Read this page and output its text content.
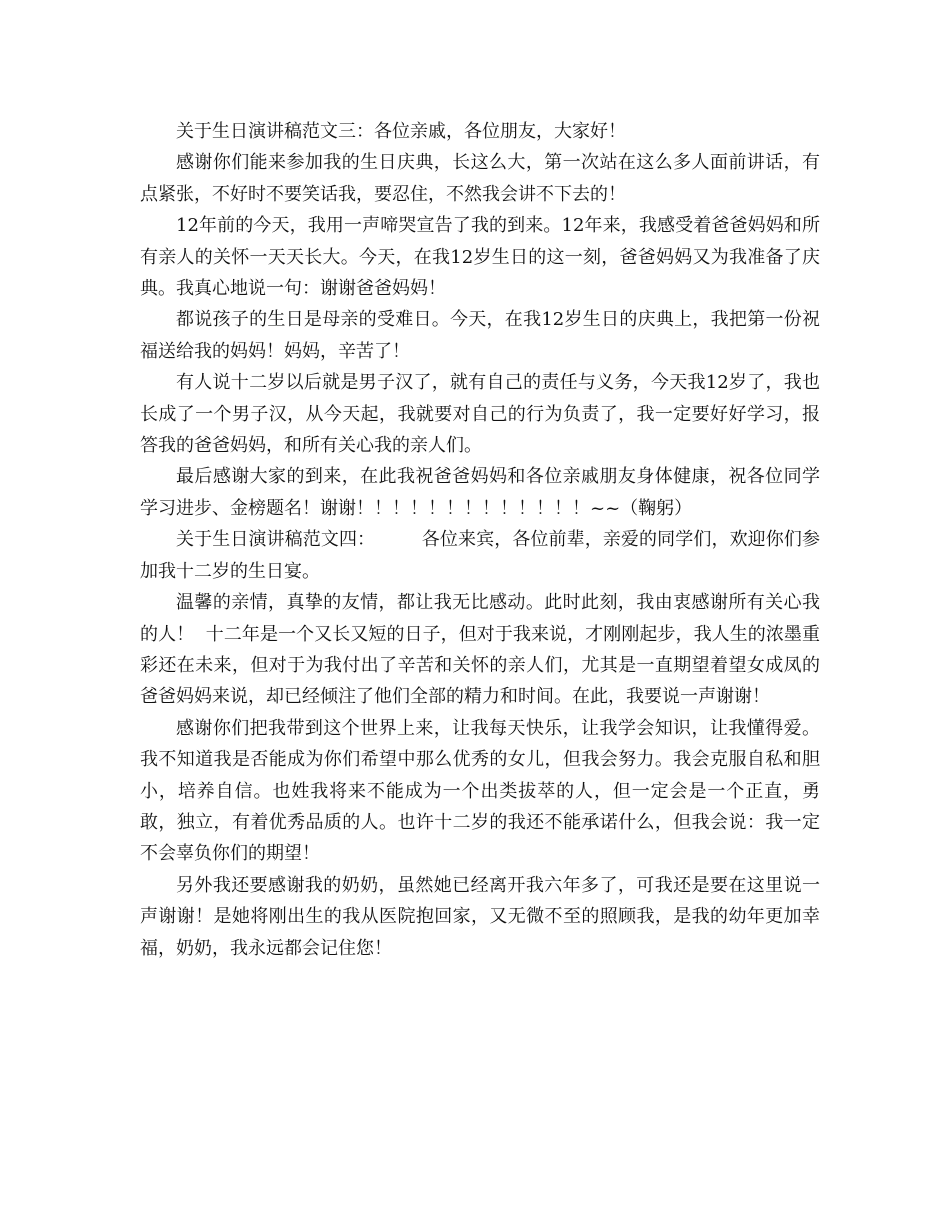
关于生日演讲稿范文三：各位亲戚，各位朋友，大家好！

感谢你们能来参加我的生日庆典，长这么大，第一次站在这么多人面前讲话，有点紧张，不好时不要笑话我，要忍住，不然我会讲不下去的！

12年前的今天，我用一声啼哭宣告了我的到来。12年来，我感受着爸爸妈妈和所有亲人的关怀一天天长大。今天，在我12岁生日的这一刻，爸爸妈妈又为我准备了庆典。我真心地说一句：谢谢爸爸妈妈！

都说孩子的生日是母亲的受难日。今天，在我12岁生日的庆典上，我把第一份祝福送给我的妈妈！妈妈，辛苦了！

有人说十二岁以后就是男子汉了，就有自己的责任与义务，今天我12岁了，我也长成了一个男子汉，从今天起，我就要对自己的行为负责了，我一定要好好学习，报答我的爸爸妈妈，和所有关心我的亲人们。

最后感谢大家的到来，在此我祝爸爸妈妈和各位亲戚朋友身体健康，祝各位同学学习进步、金榜题名！谢谢！！！！！！！！！！！！！~~（鞠躬）

关于生日演讲稿范文四：        各位来宾，各位前辈，亲爱的同学们，欢迎你们参加我十二岁的生日宴。

温馨的亲情，真挚的友情，都让我无比感动。此时此刻，我由衷感谢所有关心我的人！  十二年是一个又长又短的日子，但对于我来说，才刚刚起步，我人生的浓墨重彩还在未来，但对于为我付出了辛苦和关怀的亲人们，尤其是一直期望着望女成凤的爸爸妈妈来说，却已经倾注了他们全部的精力和时间。在此，我要说一声谢谢！

感谢你们把我带到这个世界上来，让我每天快乐，让我学会知识，让我懂得爱。我不知道我是否能成为你们希望中那么优秀的女儿，但我会努力。我会克服自私和胆小，培养自信。也姓我将来不能成为一个出类拔萃的人，但一定会是一个正直，勇敢，独立，有着优秀品质的人。也许十二岁的我还不能承诺什么，但我会说：我一定不会辜负你们的期望！

另外我还要感谢我的奶奶，虽然她已经离开我六年多了，可我还是要在这里说一声谢谢！是她将刚出生的我从医院抱回家，又无微不至的照顾我，是我的幼年更加幸福，奶奶，我永远都会记住您！
